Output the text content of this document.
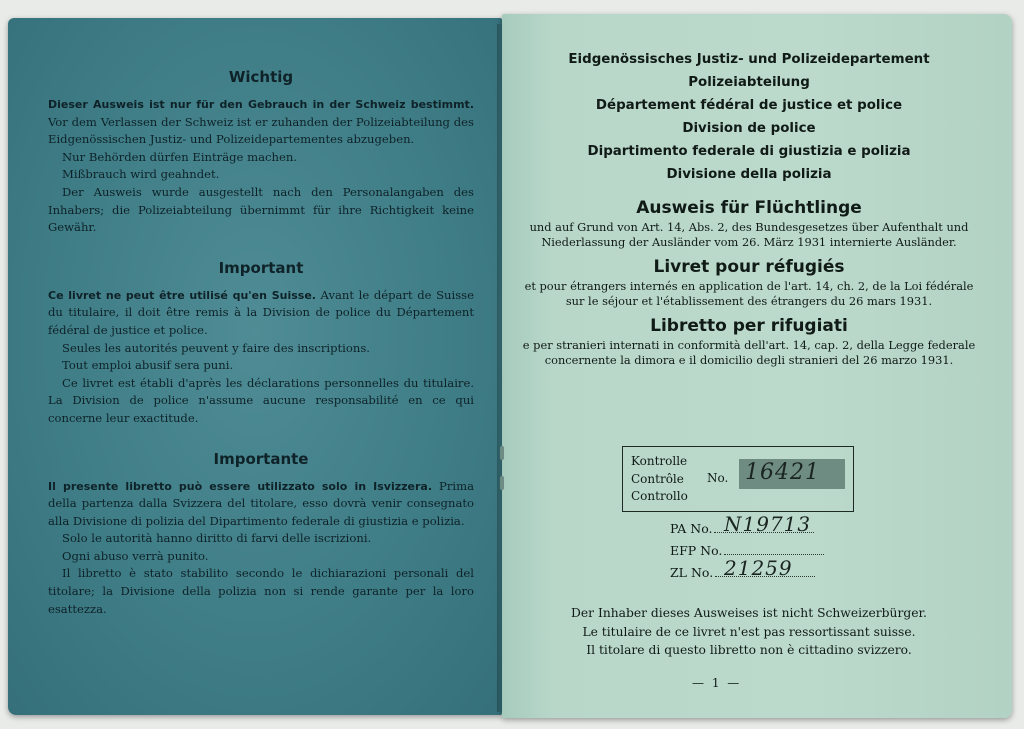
Wichtig

Dieser Ausweis ist nur für den Gebrauch in der Schweiz bestimmt. Vor dem Verlassen der Schweiz ist er zuhanden der Polizeiabteilung des Eidgenössischen Justiz- und Polizeidepartementes abzugeben.

Nur Behörden dürfen Einträge machen.

Mißbrauch wird geahndet.

Der Ausweis wurde ausgestellt nach den Personalangaben des Inhabers; die Polizeiabteilung übernimmt für ihre Richtigkeit keine Gewähr.

Important

Ce livret ne peut être utilisé qu'en Suisse. Avant le départ de Suisse du titulaire, il doit être remis à la Division de police du Département fédéral de justice et police.

Seules les autorités peuvent y faire des inscriptions.

Tout emploi abusif sera puni.

Ce livret est établi d'après les déclarations personnelles du titulaire. La Division de police n'assume aucune responsabilité en ce qui concerne leur exactitude.

Importante

Il presente libretto può essere utilizzato solo in Isvizzera. Prima della partenza dalla Svizzera del titolare, esso dovrà venir consegnato alla Divisione di polizia del Dipartimento federale di giustizia e polizia.

Solo le autorità hanno diritto di farvi delle iscrizioni.

Ogni abuso verrà punito.

Il libretto è stato stabilito secondo le dichiarazioni personali del titolare; la Divisione della polizia non si rende garante per la loro esattezza.

Eidgenössisches Justiz- und Polizeidepartement

Polizeiabteilung

Département fédéral de justice et police

Division de police

Dipartimento federale di giustizia e polizia

Divisione della polizia

Ausweis für Flüchtlinge

und auf Grund von Art. 14, Abs. 2, des Bundesgesetzes über Aufenthalt und Niederlassung der Ausländer vom 26. März 1931 internierte Ausländer.

Livret pour réfugiés

et pour étrangers internés en application de l'art. 14, ch. 2, de la Loi fédérale sur le séjour et l'établissement des étrangers du 26 mars 1931.

Libretto per rifugiati

e per stranieri internati in conformità dell'art. 14, cap. 2, della Legge federale concernente la dimora e il domicilio degli stranieri del 26 marzo 1931.

Kontrolle
Contrôle
Controllo
No. 16421
PA No. N19713
EFP No.
ZL No. 21259
Der Inhaber dieses Ausweises ist nicht Schweizerbürger.
Le titulaire de ce livret n'est pas ressortissant suisse.
Il titolare di questo libretto non è cittadino svizzero.
— 1 —
